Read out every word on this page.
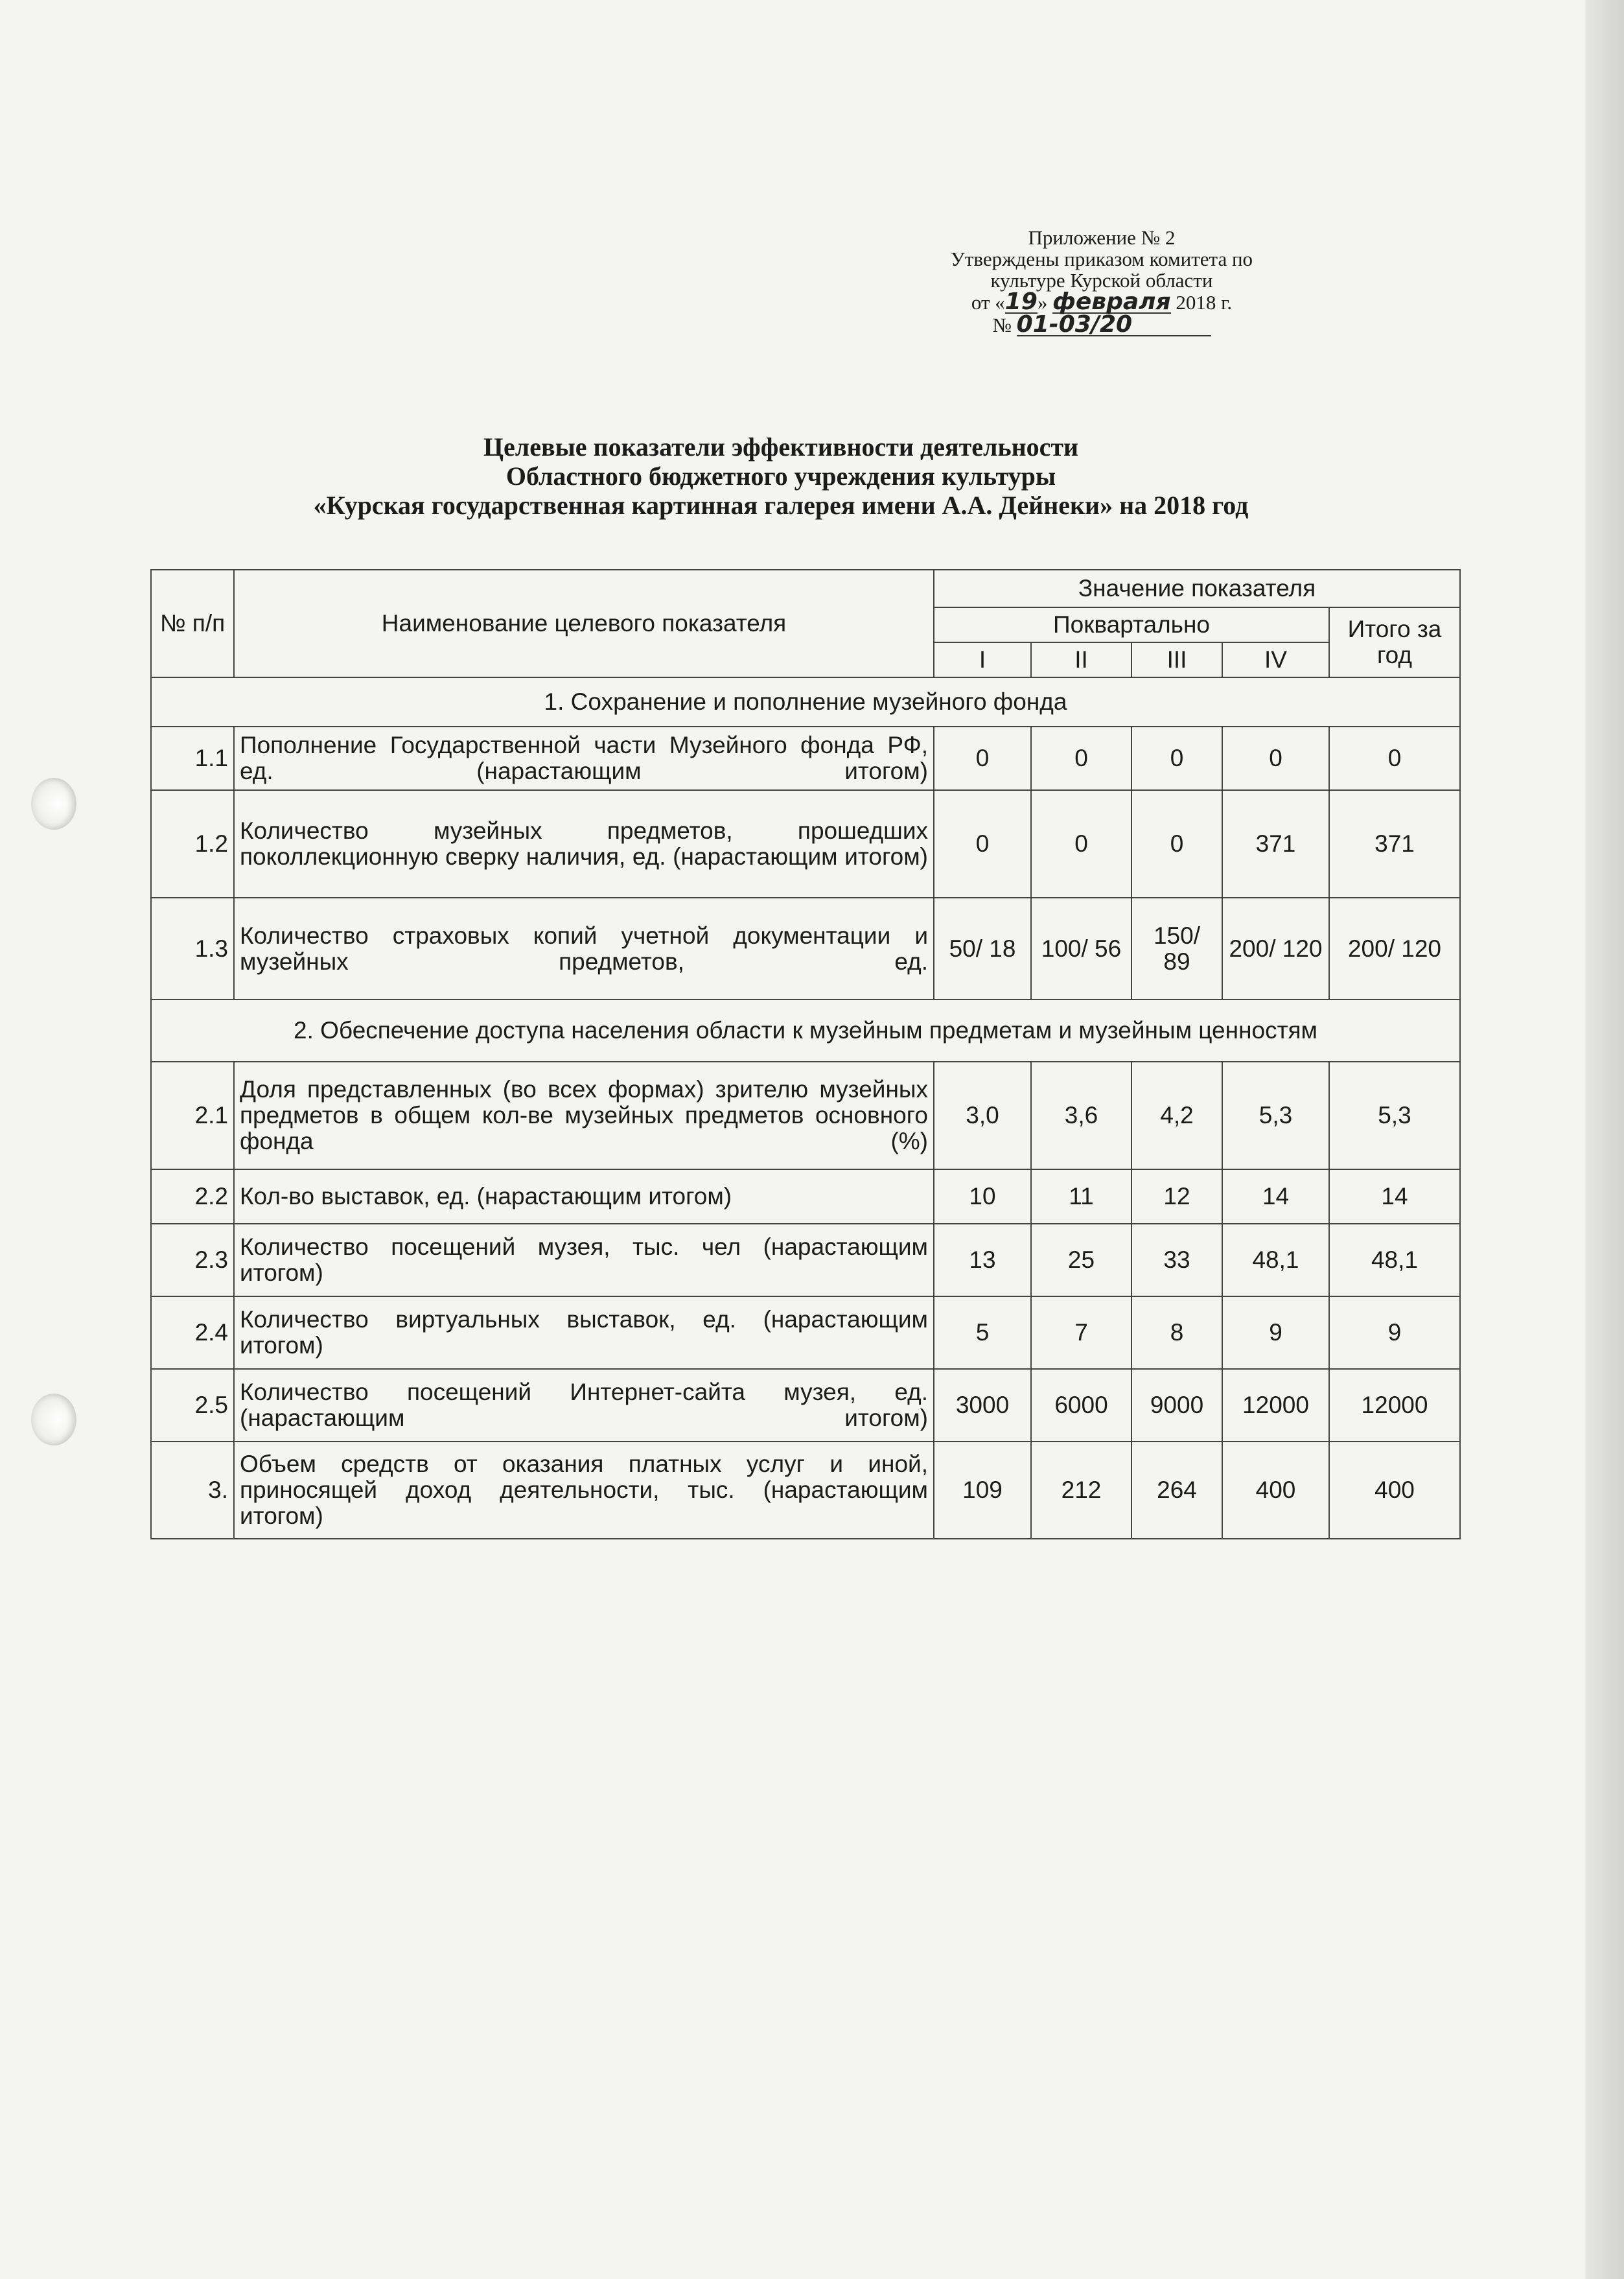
Приложение № 2
Утверждены приказом комитета по
культуре Курской области
от «19» февраля 2018 г.
№ 01-03/20
Целевые показатели эффективности деятельности
Областного бюджетного учреждения культуры
«Курская государственная картинная галерея имени А.А. Дейнеки» на 2018 год
№ п/п	Наименование целевого показателя	Значение показателя				
		Поквартально				Итого за год
		I	II	III	IV	
1. Сохранение и пополнение музейного фонда						
1.1	Пополнение Государственной части Музейного фонда РФ, ед. (нарастающим итогом)	0	0	0	0	0
1.2	Количество музейных предметов, прошедших поколлекционную сверку наличия, ед. (нарастающим итогом)	0	0	0	371	371
1.3	Количество страховых копий учетной документации и музейных предметов, ед.	50/ 18	100/ 56	150/ 89	200/ 120	200/ 120
2. Обеспечение доступа населения области к музейным предметам и музейным ценностям						
2.1	Доля представленных (во всех формах) зрителю музейных предметов в общем кол-ве музейных предметов основного фонда (%)	3,0	3,6	4,2	5,3	5,3
2.2	Кол-во выставок, ед. (нарастающим итогом)	10	11	12	14	14
2.3	Количество посещений музея, тыс. чел (нарастающим итогом)	13	25	33	48,1	48,1
2.4	Количество виртуальных выставок, ед. (нарастающим итогом)	5	7	8	9	9
2.5	Количество посещений Интернет-сайта музея, ед. (нарастающим итогом)	3000	6000	9000	12000	12000
3.	Объем средств от оказания платных услуг и иной, приносящей доход деятельности, тыс. (нарастающим итогом)	109	212	264	400	400
